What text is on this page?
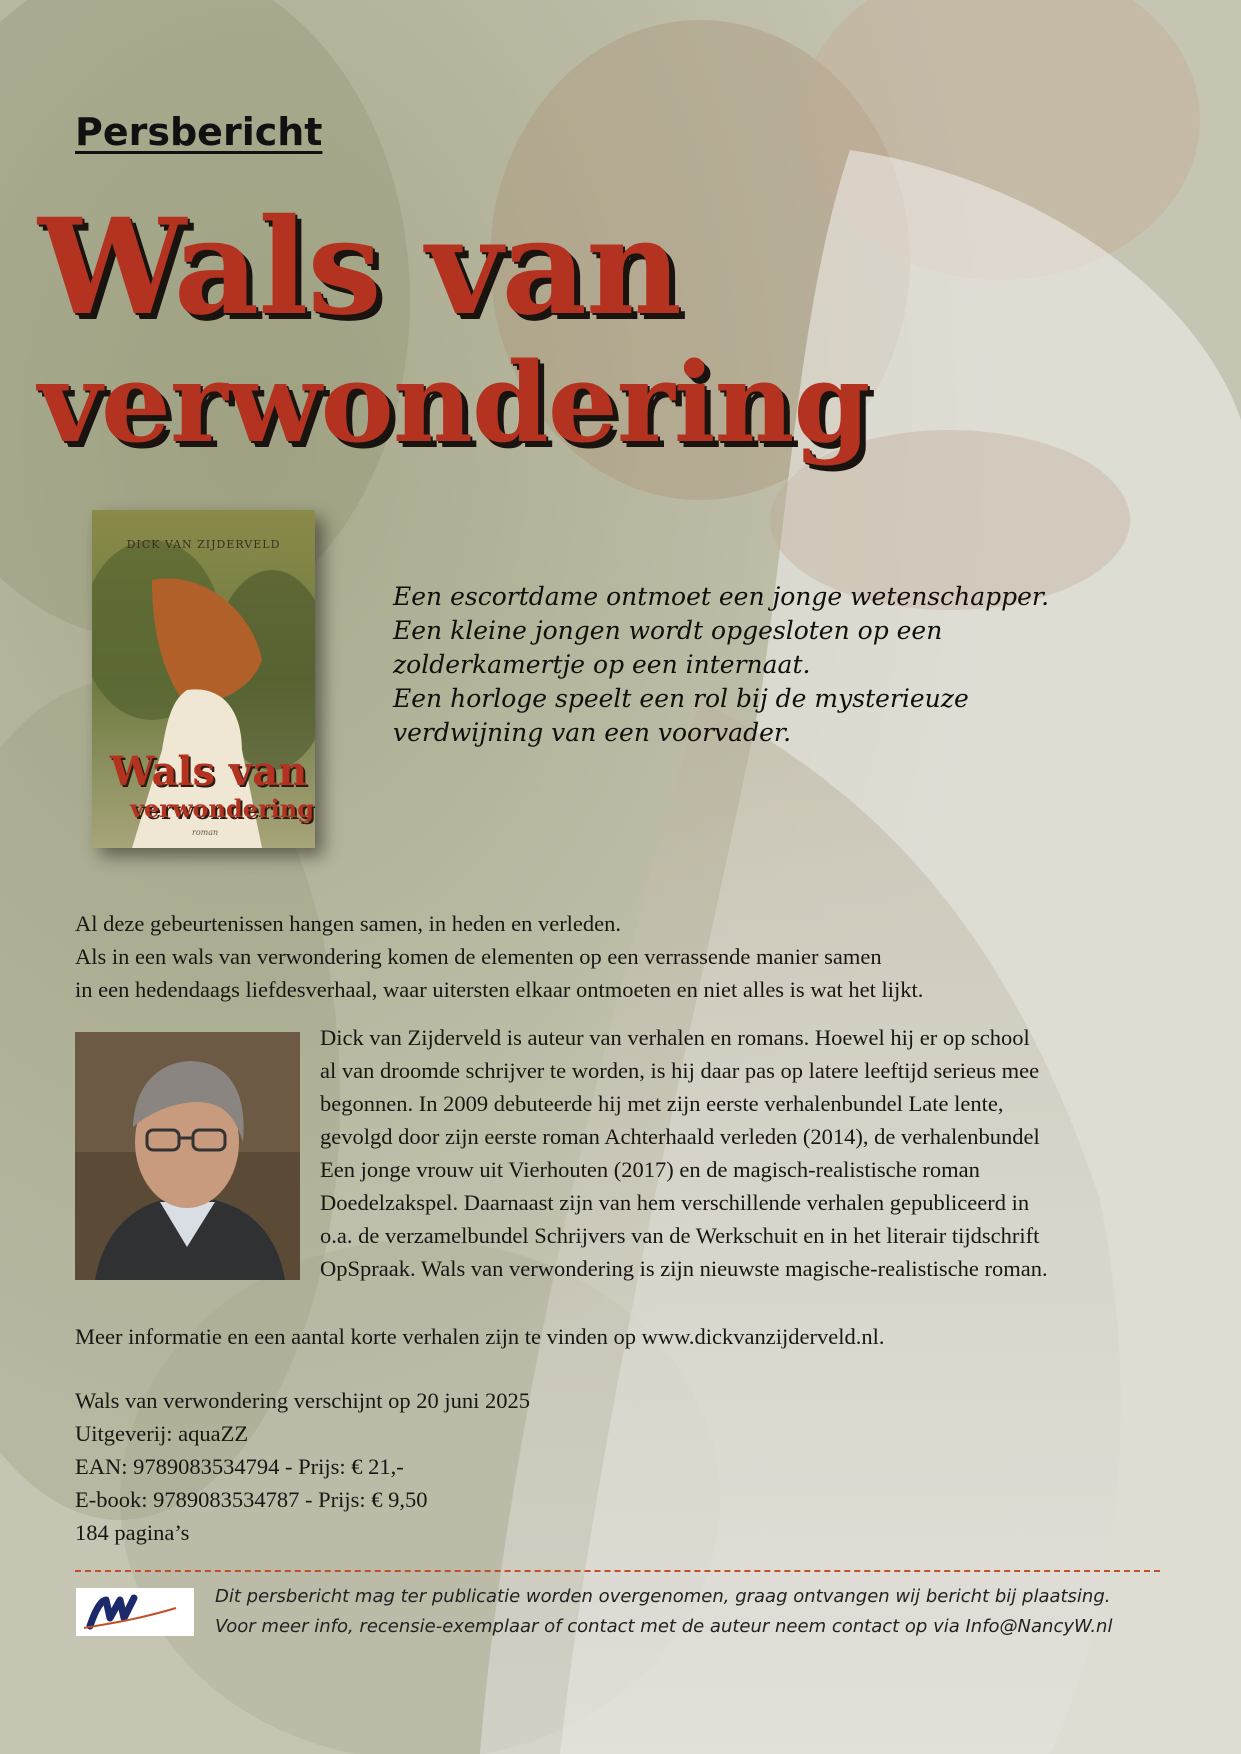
Persbericht
Wals van
verwondering
DICK VAN ZIJDERVELD
Wals van
verwondering
roman
Een escortdame ontmoet een jonge wetenschapper.
Een kleine jongen wordt opgesloten op een
zolderkamertje op een internaat.
Een horloge speelt een rol bij de mysterieuze
verdwijning van een voorvader.
Al deze gebeurtenissen hangen samen, in heden en verleden.
Als in een wals van verwondering komen de elementen op een verrassende manier samen
in een hedendaags liefdesverhaal, waar uitersten elkaar ontmoeten en niet alles is wat het lijkt.
Dick van Zijderveld is auteur van verhalen en romans. Hoewel hij er op school
al van droomde schrijver te worden, is hij daar pas op latere leeftijd serieus mee
begonnen. In 2009 debuteerde hij met zijn eerste verhalenbundel Late lente,
gevolgd door zijn eerste roman Achterhaald verleden (2014), de verhalenbundel
Een jonge vrouw uit Vierhouten (2017) en de magisch-realistische roman
Doedelzakspel. Daarnaast zijn van hem verschillende verhalen gepubliceerd in
o.a. de verzamelbundel Schrijvers van de Werkschuit en in het literair tijdschrift
OpSpraak. Wals van verwondering is zijn nieuwste magische-realistische roman.
Meer informatie en een aantal korte verhalen zijn te vinden op www.dickvanzijderveld.nl.
Wals van verwondering verschijnt op 20 juni 2025
Uitgeverij: aquaZZ
EAN: 9789083534794 - Prijs: € 21,-
E-book: 9789083534787 - Prijs: € 9,50
184 pagina’s
Dit persbericht mag ter publicatie worden overgenomen, graag ontvangen wij bericht bij plaatsing.
Voor meer info, recensie-exemplaar of contact met de auteur neem contact op via Info@NancyW.nl
